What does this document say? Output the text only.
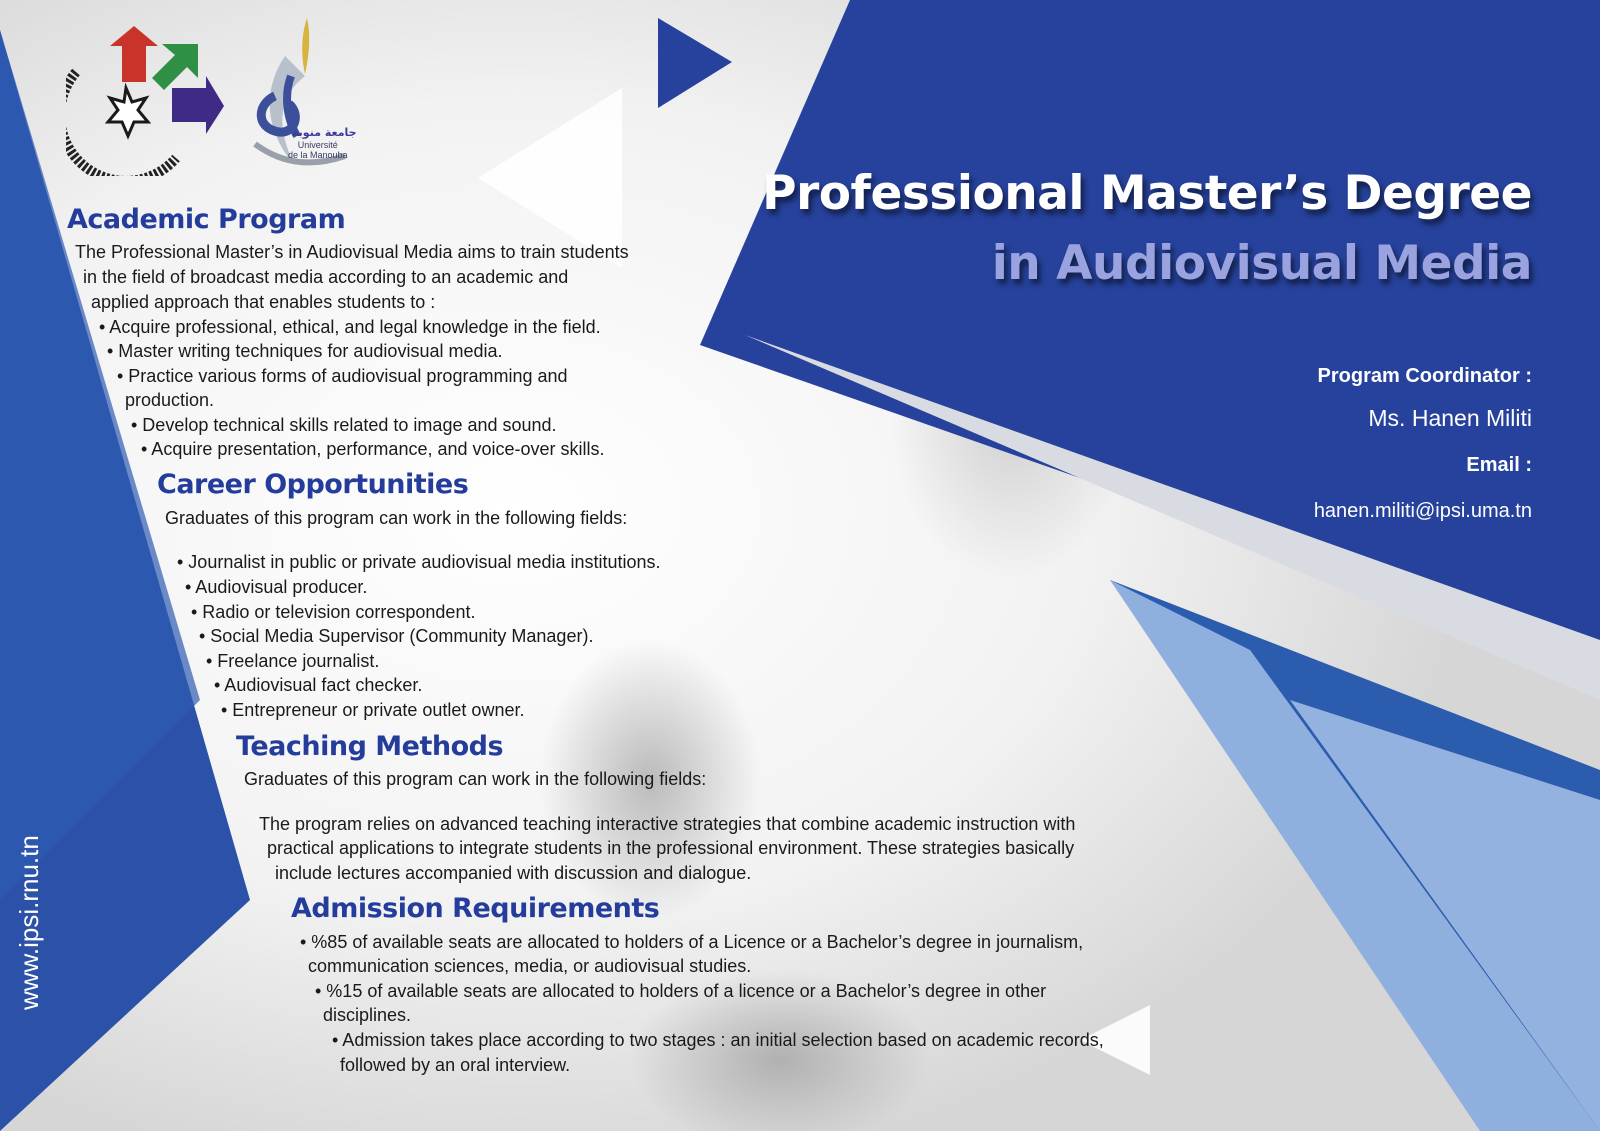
جامعة منوبة
Université
de la Manouba
Professional Master’s Degree
in Audiovisual Media
Program Coordinator :
Ms. Hanen Militi
Email :
hanen.militi@ipsi.uma.tn
www.ipsi.rnu.tn
Academic Program
The Professional Master’s in Audiovisual Media aims to train students
in the field of broadcast media according to an academic and
applied approach that enables students to :
• Acquire professional, ethical, and legal knowledge in the field.
• Master writing techniques for audiovisual media.
• Practice various forms of audiovisual programming and
production.
• Develop technical skills related to image and sound.
• Acquire presentation, performance, and voice-over skills.
Career Opportunities
Graduates of this program can work in the following fields:
• Journalist in public or private audiovisual media institutions.
• Audiovisual producer.
• Radio or television correspondent.
• Social Media Supervisor (Community Manager).
• Freelance journalist.
• Audiovisual fact checker.
• Entrepreneur or private outlet owner.
Teaching Methods
Graduates of this program can work in the following fields:
The program relies on advanced teaching interactive strategies that combine academic instruction with
practical applications to integrate students in the professional environment. These strategies basically
include lectures accompanied with discussion and dialogue.
Admission Requirements
• %85 of available seats are allocated to holders of a Licence or a Bachelor’s degree in journalism,
communication sciences, media, or audiovisual studies.
• %15 of available seats are allocated to holders of a licence or a Bachelor’s degree in other
disciplines.
• Admission takes place according to two stages : an initial selection based on academic records,
followed by an oral interview.
